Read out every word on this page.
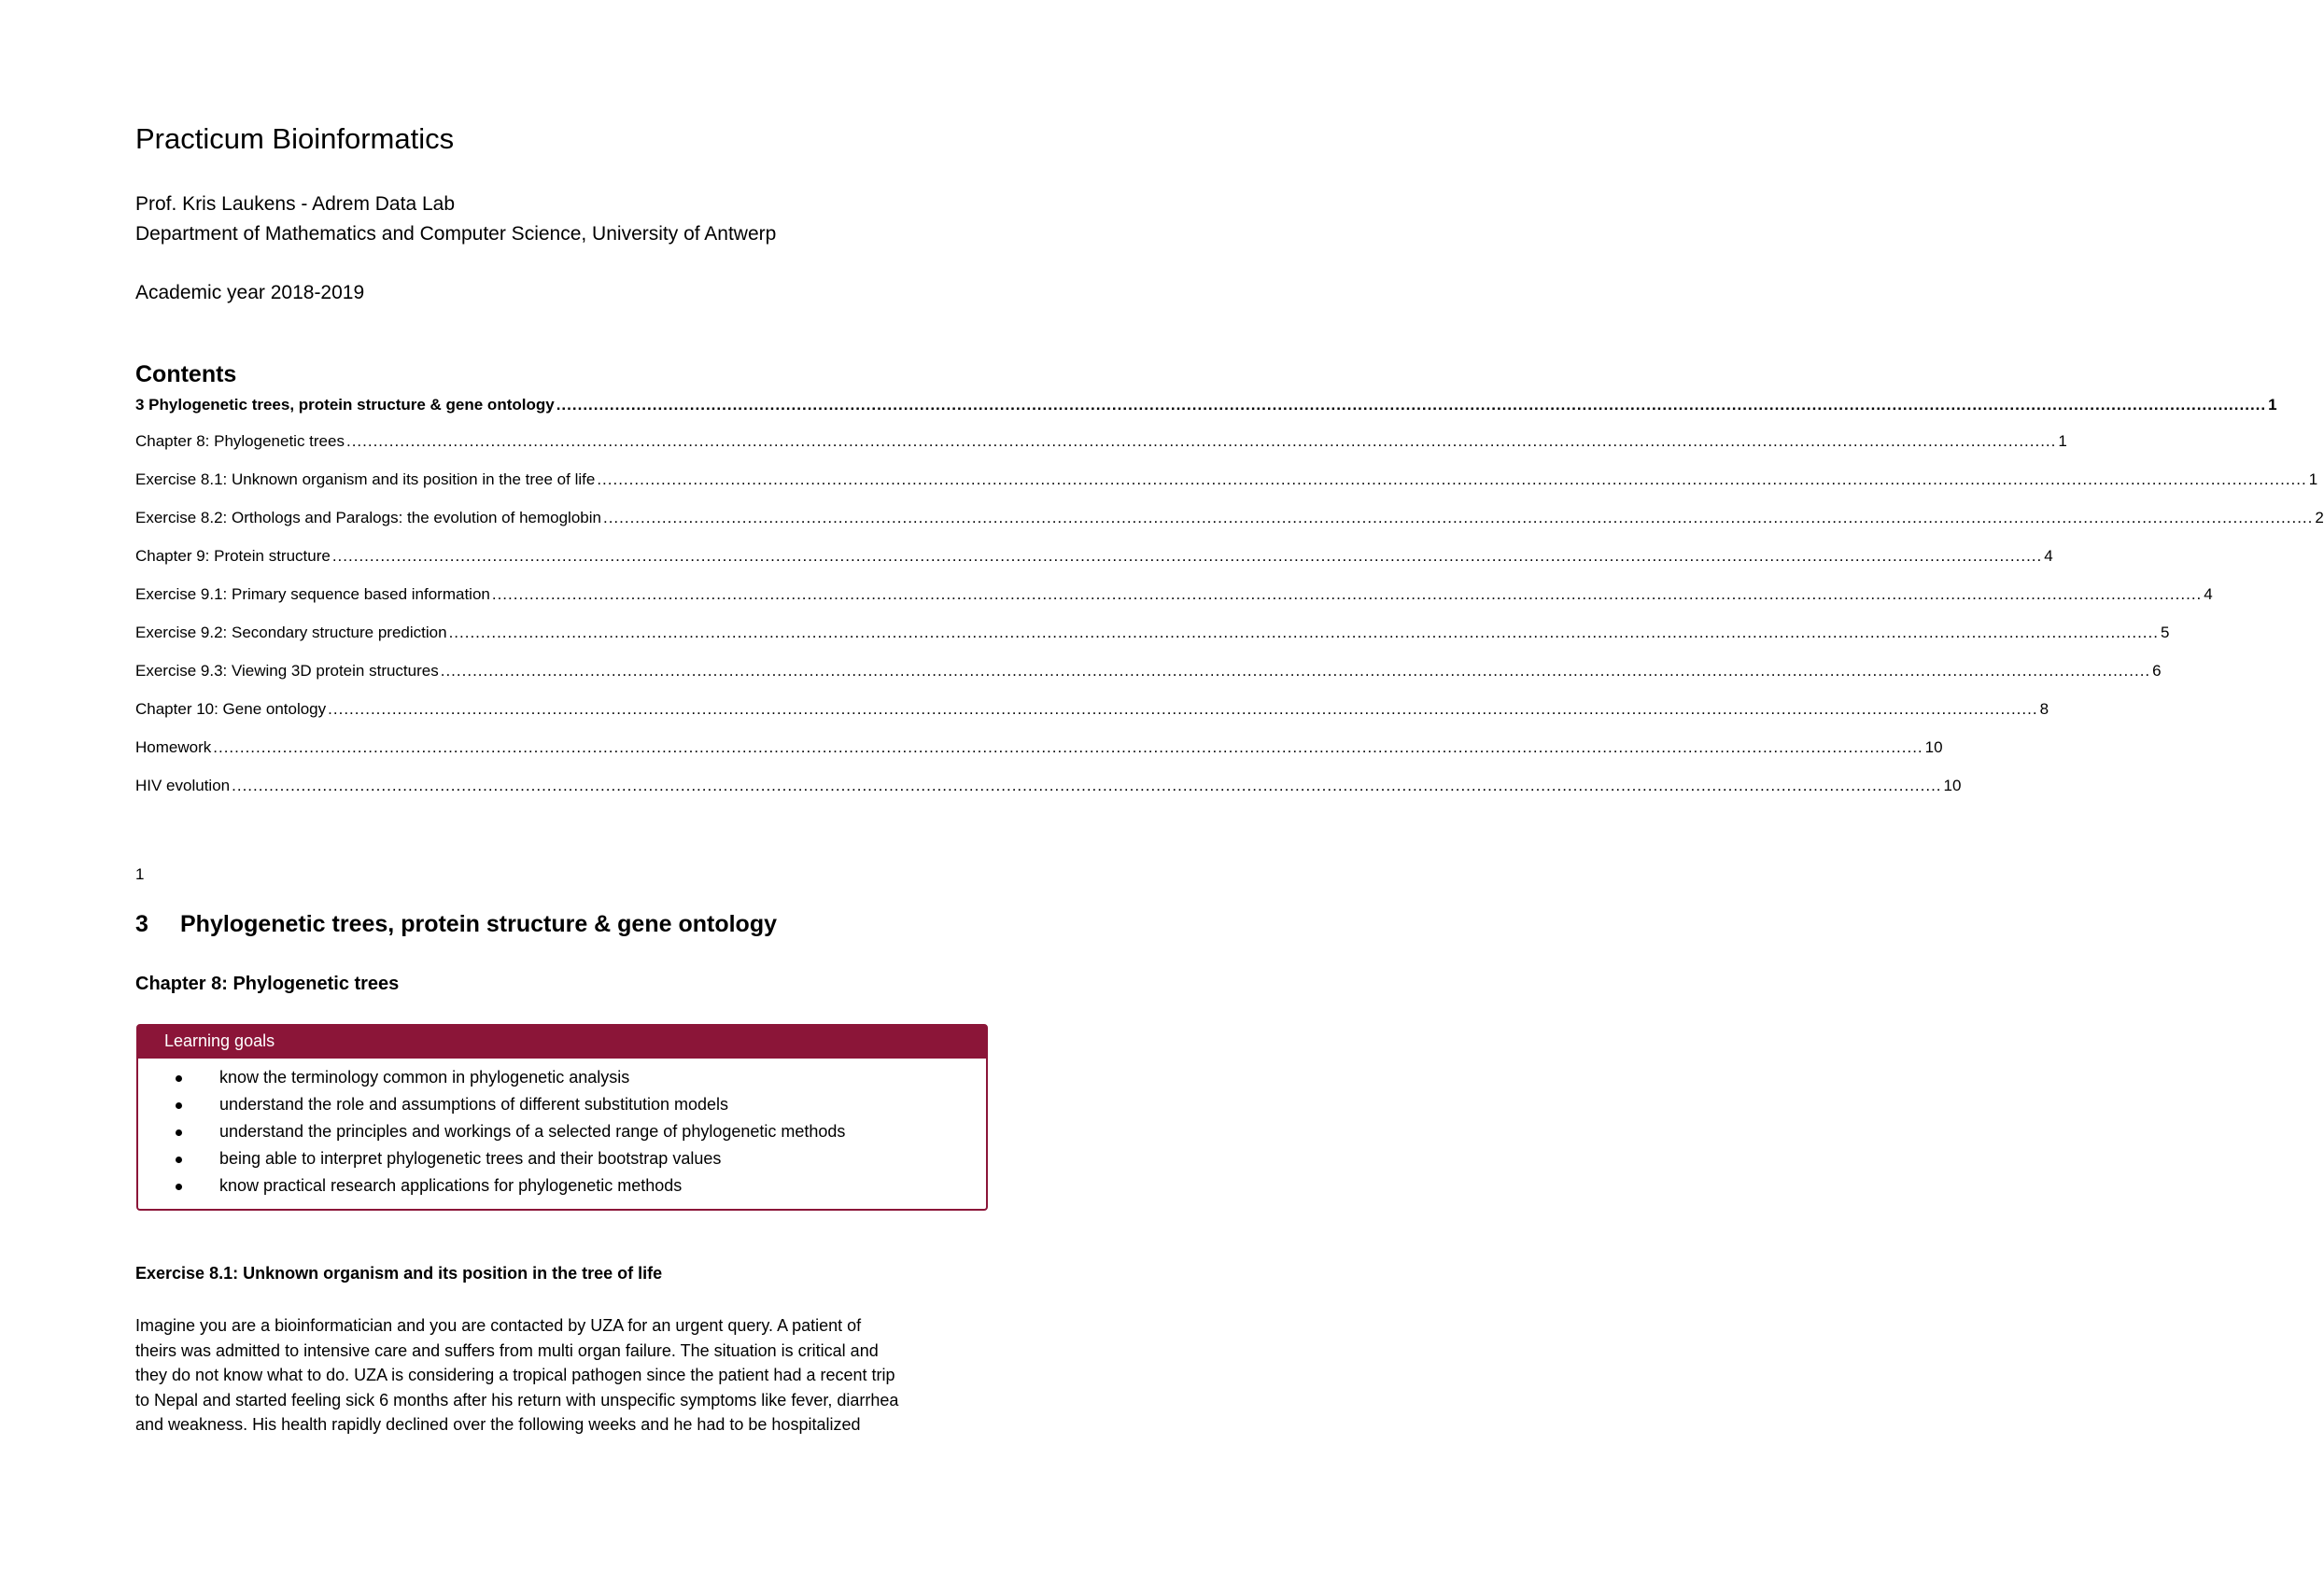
Practicum Bioinformatics
Prof. Kris Laukens - Adrem Data Lab
Department of Mathematics and Computer Science, University of Antwerp
Academic year 2018-2019
Contents
3 Phylogenetic trees, protein structure & gene ontology .....	1
Chapter 8: Phylogenetic trees .....	1
Exercise 8.1: Unknown organism and its position in the tree of life .....	1
Exercise 8.2: Orthologs and Paralogs: the evolution of hemoglobin .....	2
Chapter 9: Protein structure .....	4
Exercise 9.1: Primary sequence based information .....	4
Exercise 9.2: Secondary structure prediction .....	5
Exercise 9.3: Viewing 3D protein structures .....	6
Chapter 10: Gene ontology .....	8
Homework .....	10
HIV evolution .....	10
1
3 Phylogenetic trees, protein structure & gene ontology
Chapter 8: Phylogenetic trees
Learning goals
know the terminology common in phylogenetic analysis
understand the role and assumptions of different substitution models
understand the principles and workings of a selected range of phylogenetic methods
being able to interpret phylogenetic trees and their bootstrap values
know practical research applications for phylogenetic methods
Exercise 8.1: Unknown organism and its position in the tree of life

Imagine you are a bioinformatician and you are contacted by UZA for an urgent query. A patient of
theirs was admitted to intensive care and suffers from multi organ failure. The situation is critical and
they do not know what to do. UZA is considering a tropical pathogen since the patient had a recent trip
to Nepal and started feeling sick 6 months after his return with unspecific symptoms like fever, diarrhea
and weakness. His health rapidly declined over the following weeks and he had to be hospitalized
